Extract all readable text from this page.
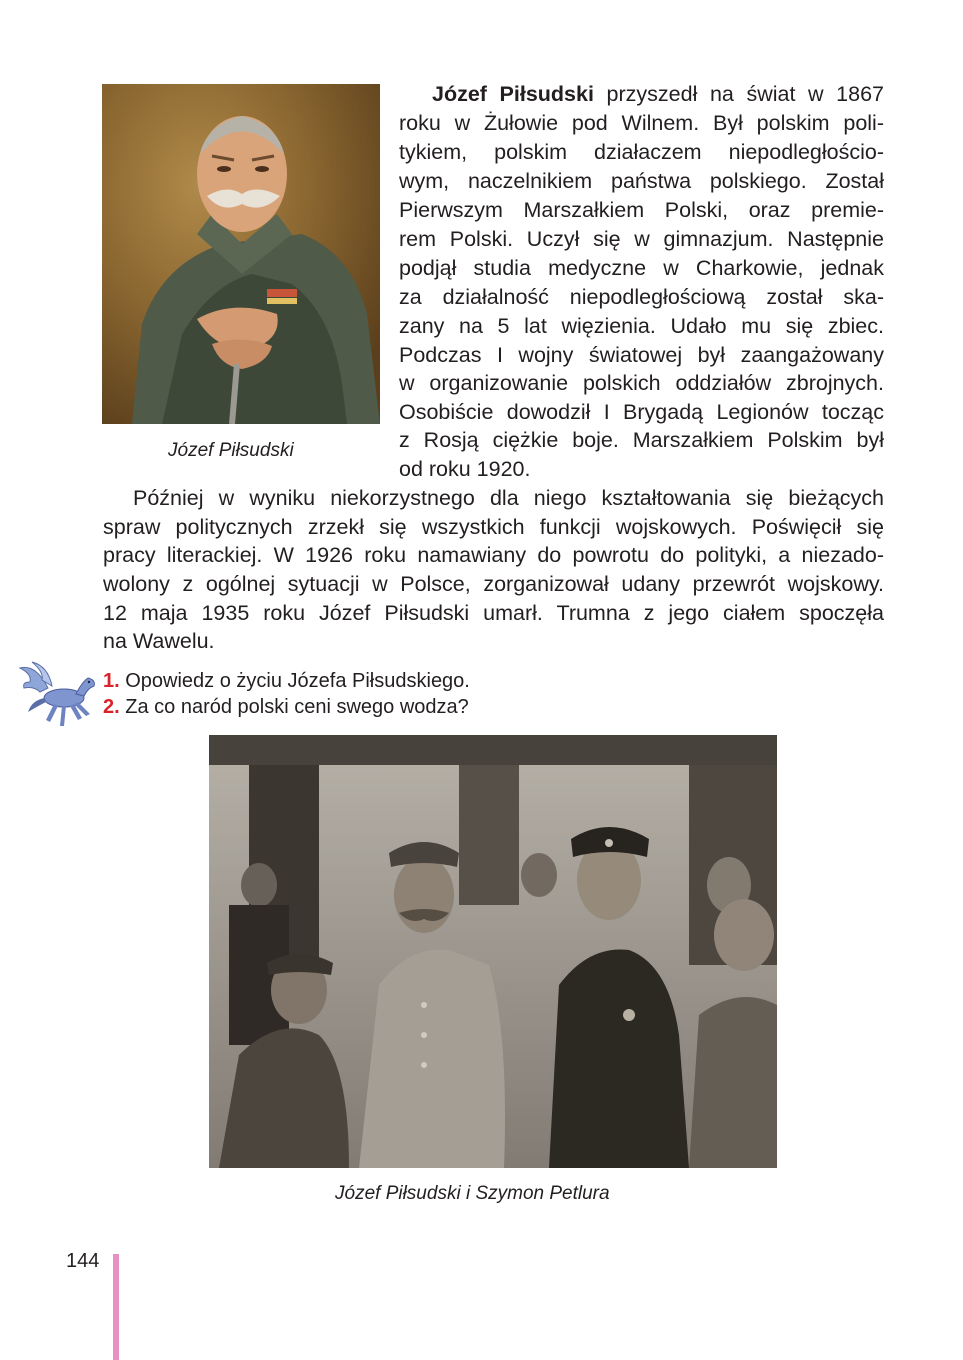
Józef Piłsudski
Józef Piłsudski przyszedł na świat w 1867
roku w Żułowie pod Wilnem. Był polskim poli-
tykiem, polskim działaczem niepodległościo-
wym, naczelnikiem państwa polskiego. Został
Pierwszym Marszałkiem Polski, oraz premie-
rem Polski. Uczył się w gimnazjum. Następnie
podjął studia medyczne w Charkowie, jednak
za działalność niepodległościową został ska-
zany na 5 lat więzienia. Udało mu się zbiec.
Podczas I wojny światowej był zaangażowany
w organizowanie polskich oddziałów zbrojnych.
Osobiście dowodził I Brygadą Legionów tocząc
z Rosją ciężkie boje. Marszałkiem Polskim był
od roku 1920.
Później w wyniku niekorzystnego dla niego kształtowania się bieżących
spraw politycznych zrzekł się wszystkich funkcji wojskowych. Poświęcił się
pracy literackiej. W 1926 roku namawiany do powrotu do polityki, a niezado-
wolony z ogólnej sytuacji w Polsce, zorganizował udany przewrót wojskowy.
12 maja 1935 roku Józef Piłsudski umarł. Trumna z jego ciałem spoczęła
na Wawelu.
1. Opowiedz o życiu Józefa Piłsudskiego.
2. Za co naród polski ceni swego wodza?
Józef Piłsudski i Szymon Petlura
144
